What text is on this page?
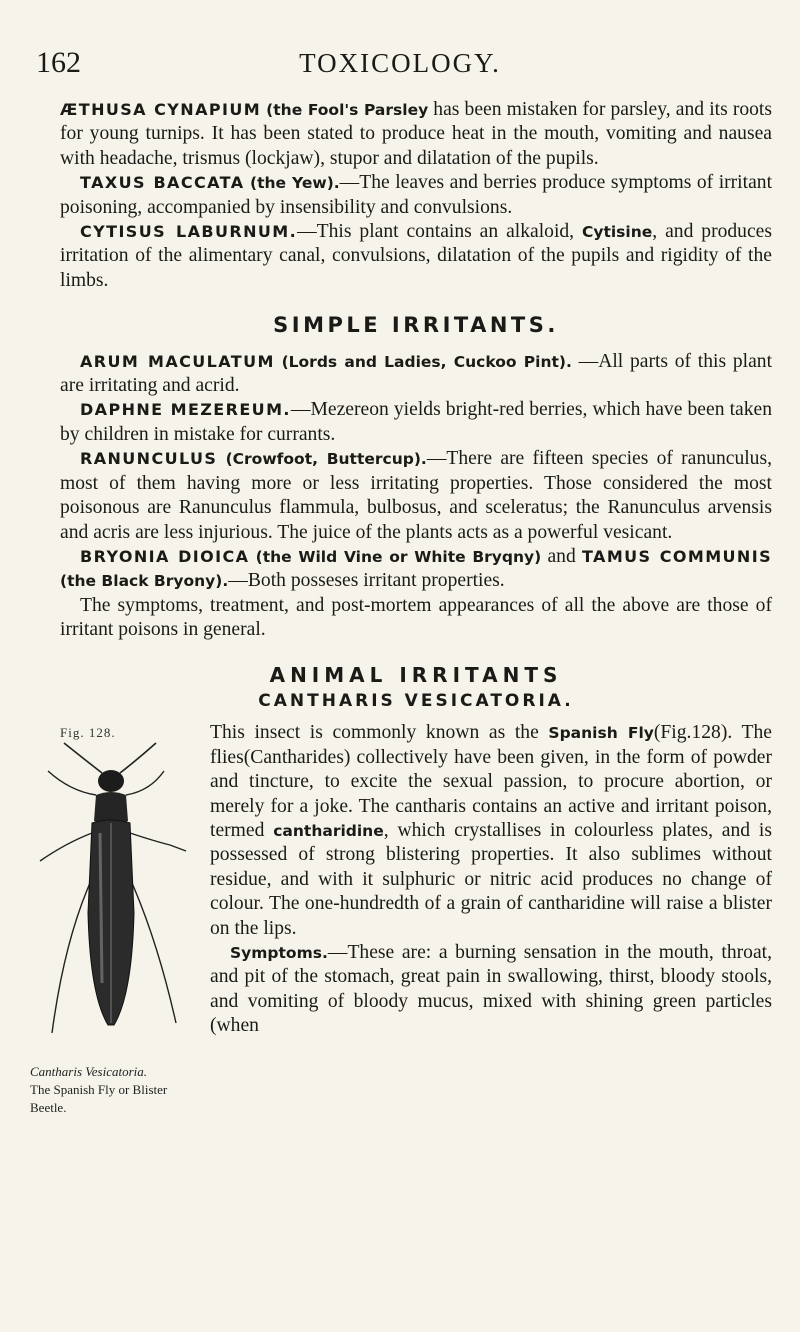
162	TOXICOLOGY.

ÆTHUSA CYNAPIUM (the Fool's Parsley has been mistaken for parsley, and its roots for young turnips. It has been stated to produce heat in the mouth, vomiting and nausea with headache, trismus (lockjaw), stupor and dilatation of the pupils.

TAXUS BACCATA (the Yew).—The leaves and berries produce symptoms of irritant poisoning, accompanied by insensibility and convulsions.

CYTISUS LABURNUM.—This plant contains an alkaloid, Cytisine, and produces irritation of the alimentary canal, convulsions, dilatation of the pupils and rigidity of the limbs.

SIMPLE IRRITANTS.

ARUM MACULATUM (Lords and Ladies, Cuckoo Pint). —All parts of this plant are irritating and acrid.

DAPHNE MEZEREUM.—Mezereon yields bright-red berries, which have been taken by children in mistake for currants.

RANUNCULUS (Crowfoot, Buttercup).—There are fifteen species of ranunculus, most of them having more or less irritating properties. Those considered the most poisonous are Ranunculus flammula, bulbosus, and sceleratus; the Ranunculus arvensis and acris are less injurious. The juice of the plants acts as a powerful vesicant.

BRYONIA DIOICA (the Wild Vine or White Bryqny) and TAMUS COMMUNIS (the Black Bryony).—Both posseses irritant properties.

The symptoms, treatment, and post-mortem appearances of all the above are those of irritant poisons in general.

ANIMAL IRRITANTS
CANTHARIS VESICATORIA.
Fig. 128.
Cantharis Vesicatoria.
The Spanish Fly or Blister Beetle.

This insect is commonly known as the Spanish Fly(Fig.128). The flies(Cantharides) collectively have been given, in the form of powder and tincture, to excite the sexual passion, to procure abortion, or merely for a joke. The cantharis contains an active and irritant poison, termed cantharidine, which crystallises in colourless plates, and is possessed of strong blistering properties. It also sublimes without residue, and with it sulphuric or nitric acid produces no change of colour. The one-hundredth of a grain of cantharidine will raise a blister on the lips.

Symptoms.—These are: a burning sensation in the mouth, throat, and pit of the stomach, great pain in swallowing, thirst, bloody stools, and vomiting of bloody mucus, mixed with shining green particles (when
